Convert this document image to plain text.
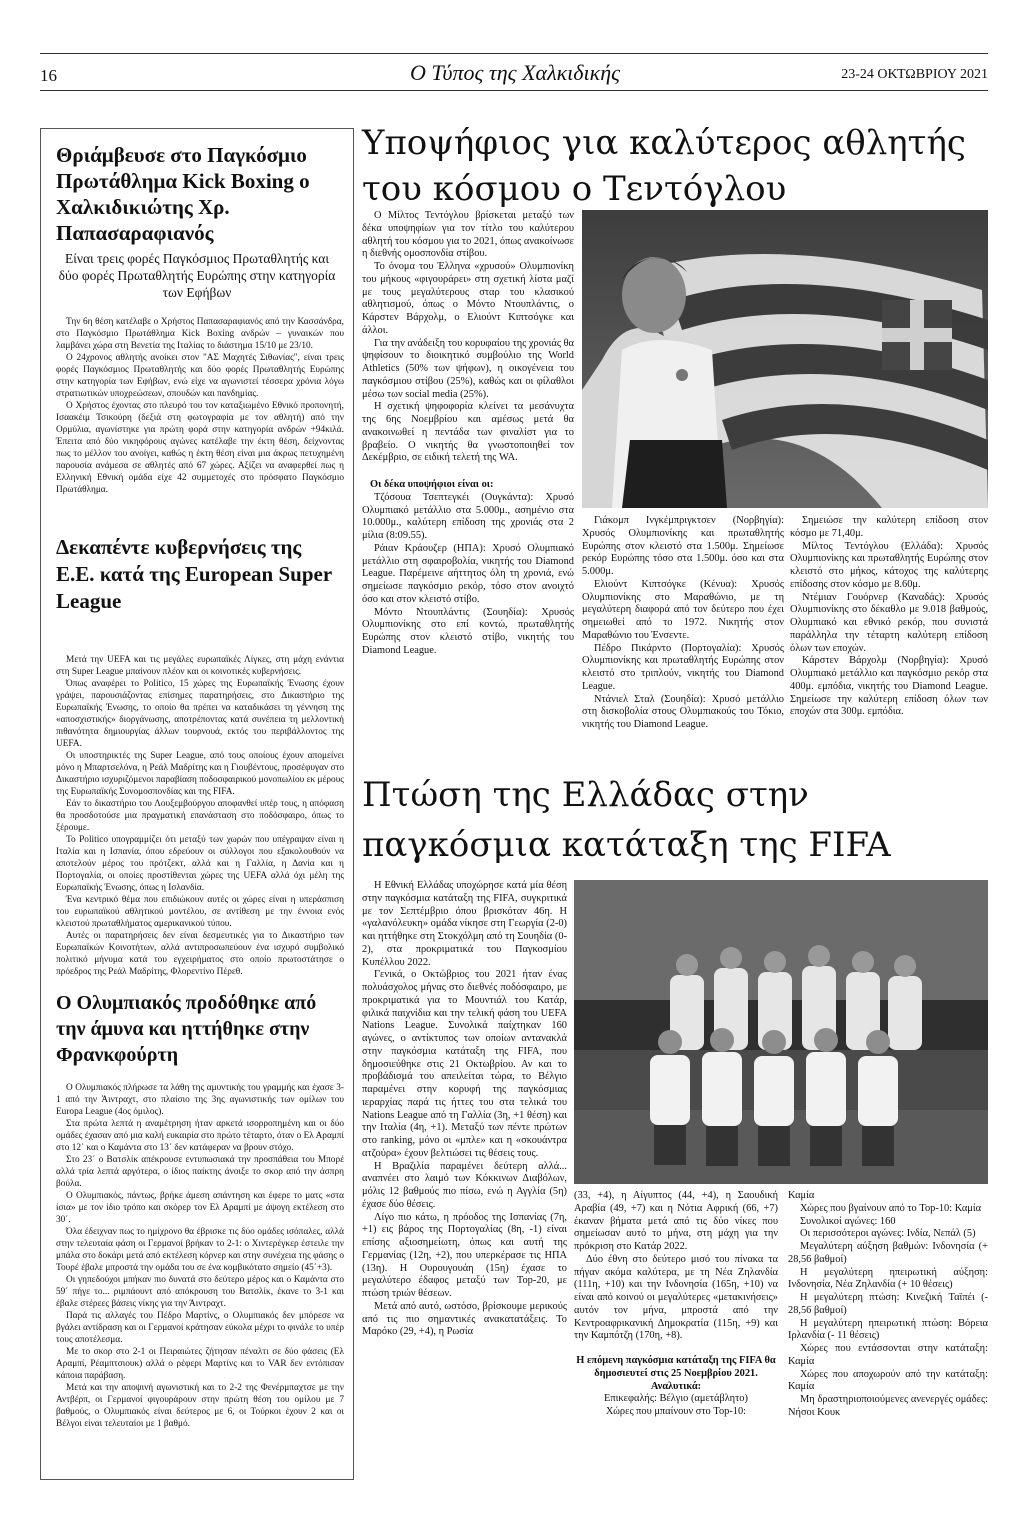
16	Ο Τύπος της Χαλκιδικής	23-24 ΟΚΤΩΒΡΙΟΥ 2021
Θριάμβευσε στο Παγκόσμιο Πρωτάθλημα Kick Boxing ο Χαλκιδικιώτης Χρ. Παπασαραφιανός
Είναι τρεις φορές Παγκόσμιος Πρωταθλητής και δύο φορές Πρωταθλητής Ευρώπης στην κατηγορία των Εφήβων

Την 6η θέση κατέλαβε ο Χρήστος Παπασαραφιανός από την Κασσάνδρα, στο Παγκόσμιο Πρωτάθλημα Kick Boxing ανδρών – γυναικών που λαμβάνει χώρα στη Βενετία της Ιταλίας το διάστημα 15/10 με 23/10.

Ο 24χρονος αθλητής ανοίκει στον "ΑΣ Μαχητές Σιθωνίας", είναι τρεις φορές Παγκόσμιος Πρωταθλητής και δύο φορές Πρωταθλητής Ευρώπης στην κατηγορία των Εφήβων, ενώ είχε να αγωνιστεί τέσσερα χρόνια λόγω στρατιωτικών υποχρεώσεων, σπουδών και πανδημίας.

Ο Χρήστος έχοντας στο πλευρό του τον καταξιωμένο Εθνικό προπονητή, Ισαακέιμ Τσικούρη (δεξιά στη φωτογραφία με τον αθλητή) από την Ορμύλια, αγωνίστηκε για πρώτη φορά στην κατηγορία ανδρών +94κιλά. Έπειτα από δύο νικηφόρους αγώνες κατέλαβε την έκτη θέση, δείχνοντας πως το μέλλον του ανοίγει, καθώς η έκτη θέση είναι μια άκρως πετυχημένη παρουσία ανάμεσα σε αθλητές από 67 χώρες. Αξίζει να αναφερθεί πως η Ελληνική Εθνική ομάδα είχε 42 συμμετοχές στο πρόσφατο Παγκόσμιο Πρωτάθλημα.

Δεκαπέντε κυβερνήσεις της Ε.Ε. κατά της European Super League

Μετά την UEFA και τις μεγάλες ευρωπαϊκές Λίγκες, στη μάχη ενάντια στη Super League μπαίνουν πλέον και οι κοινοτικές κυβερνήσεις.

Όπως αναφέρει το Politico, 15 χώρες της Ευρωπαϊκής Ένωσης έχουν γράψει, παρουσιάζοντας επίσημες παρατηρήσεις, στο Δικαστήριο της Ευρωπαϊκής Ένωσης, το οποίο θα πρέπει να καταδικάσει τη γέννηση της «αποσχιστικής» διοργάνωσης, αποτρέποντας κατά συνέπεια τη μελλοντική πιθανότητα δημιουργίας άλλων τουρνουά, εκτός του περιβάλλοντος της UEFA.

Οι υποστηρικτές της Super League, από τους οποίους έχουν απομείνει μόνο η Μπαρτσελόνα, η Ρεάλ Μαδρίτης και η Γιουβέντους, προσέφυγαν στο Δικαστήριο ισχυριζόμενοι παραβίαση ποδοσφαιρικού μονοπωλίου εκ μέρους της Ευρωπαϊκής Συνομοσπονδίας και της FIFA.

Εάν το δικαστήριο του Λουξεμβούργου αποφανθεί υπέρ τους, η απόφαση θα προσδοτούσε μια πραγματική επανάσταση στο ποδόσφαιρο, όπως το ξέρουμε.

Το Politico υπογραμμίζει ότι μεταξύ των χωρών που υπέγραψαν είναι η Ιταλία και η Ισπανία, όπου εδρεύουν οι σύλλογοι που εξακολουθούν να αποτελούν μέρος του πρότζεκτ, αλλά και η Γαλλία, η Δανία και η Πορτογαλία, οι οποίες προστίθενται χώρες της UEFA αλλά όχι μέλη της Ευρωπαϊκής Ένωσης, όπως η Ισλανδία.

Ένα κεντρικό θέμα που επιδιώκουν αυτές οι χώρες είναι η υπεράσπιση του ευρωπαϊκού αθλητικού μοντέλου, σε αντίθεση με την έννοια ενός κλειστού πρωταθλήματος αμερικανικού τύπου.

Αυτές οι παρατηρήσεις δεν είναι δεσμευτικές για το Δικαστήριο των Ευρωπαϊκών Κοινοτήτων, αλλά αντιπροσωπεύουν ένα ισχυρό συμβολικό πολιτικό μήνυμα κατά του εγχειρήματος στο οποίο πρωτοστάτησε ο πρόεδρος της Ρεάλ Μαδρίτης, Φλορεντίνο Πέρεθ.

Ο Ολυμπιακός προδόθηκε από την άμυνα και ηττήθηκε στην Φρανκφούρτη

Ο Ολυμπιακός πλήρωσε τα λάθη της αμυντικής του γραμμής και έχασε 3-1 από την Άιντραχτ, στο πλαίσιο της 3ης αγωνιστικής των ομίλων του Europa League (4ος όμιλος).

Στα πρώτα λεπτά η αναμέτρηση ήταν αρκετά ισορροπημένη και οι δύο ομάδες έχασαν από μια καλή ευκαιρία στο πρώτο τέταρτο, όταν ο Ελ Αραμπί στο 12΄ και ο Καμάντα στο 13΄ δεν κατάφεραν να βρουν στόχο.

Στο 23΄ ο Βατσλίκ απέκρουσε εντυπωσιακά την προσπάθεια του Μπορέ αλλά τρία λεπτά αργότερα, ο ίδιος παίκτης άνοιξε το σκορ από την άσπρη βούλα.

Ο Ολυμπιακός, πάντως, βρήκε άμεση απάντηση και έφερε το ματς «στα ίσια» με τον ίδιο τρόπο και σκόρερ τον Ελ Αραμπί με άψογη εκτέλεση στο 30΄.

Όλα έδειχναν πως το ημίχρονο θα έβρισκε τις δύο ομάδες ισόπαλες, αλλά στην τελευταία φάση οι Γερμανοί βρήκαν το 2-1: ο Χιντερέγκερ έστειλε την μπάλα στο δοκάρι μετά από εκτέλεση κόρνερ και στην συνέχεια της φάσης ο Τουρέ έβαλε μπροστά την ομάδα του σε ένα κομβικότατο σημείο (45΄+3).

Οι γηπεδούχοι μπήκαν πιο δυνατά στο δεύτερο μέρος και ο Καμάντα στο 59΄ πήγε το... ριμπάουντ από απόκρουση του Βατσλίκ, έκανε το 3-1 και έβαλε στέρεες βάσεις νίκης για την Άιντραχτ.

Παρά τις αλλαγές του Πέδρο Μαρτίνς, ο Ολυμπιακός δεν μπόρεσε να βγάλει αντίδραση και οι Γερμανοί κράτησαν εύκολα μέχρι το φινάλε το υπέρ τους αποτέλεσμα.

Με το σκορ στο 2-1 οι Πειραιώτες ζήτησαν πέναλτι σε δύο φάσεις (Ελ Αραμπί, Ρέαμπτσιουκ) αλλά ο ρέφερι Μαρτίνς και το VAR δεν εντόπισαν κάποια παράβαση.

Μετά και την αποψινή αγωνιστική και το 2-2 της Φενέρμπαχτσε με την Αντβέρπ, οι Γερμανοί φιγουράρουν στην πρώτη θέση του ομίλου με 7 βαθμούς, ο Ολυμπιακός είναι δεύτερος με 6, οι Τούρκοι έχουν 2 και οι Βέλγοι είναι τελευταίοι με 1 βαθμό.

Υποψήφιος για καλύτερος αθλητής του κόσμου ο Τεντόγλου

Ο Μίλτος Τεντόγλου βρίσκεται μεταξύ των δέκα υποψηφίων για τον τίτλο του καλύτερου αθλητή του κόσμου για το 2021, όπως ανακοίνωσε η διεθνής ομοσπονδία στίβου.

Το όνομα του Έλληνα «χρυσού» Ολυμπιονίκη του μήκους «φιγουράρει» στη σχετική λίστα μαζί με τους μεγαλύτερους σταρ του κλασικού αθλητισμού, όπως ο Μόντο Ντουπλάντις, ο Κάρστεν Βάρχολμ, ο Ελιούντ Κιπτσόγκε και άλλοι.

Για την ανάδειξη του κορυφαίου της χρονιάς θα ψηφίσουν το διοικητικό συμβούλιο της World Athletics (50% των ψήφων), η οικογένεια του παγκόσμιου στίβου (25%), καθώς και οι φίλαθλοι μέσω των social media (25%).

Η σχετική ψηφοφορία κλείνει τα μεσάνυχτα της 6ης Νοεμβρίου και αμέσως μετά θα ανακοινωθεί η πεντάδα των φιναλίστ για το βραβείο. Ο νικητής θα γνωστοποιηθεί τον Δεκέμβριο, σε ειδική τελετή της WA.

Οι δέκα υποψήφιοι είναι οι:

Τζόσουα Τσεπτεγκέι (Ουγκάντα): Χρυσό Ολυμπιακό μετάλλιο στα 5.000μ., ασημένιο στα 10.000μ., καλύτερη επίδοση της χρονιάς στα 2 μίλια (8:09.55).

Ράιαν Κράουζερ (ΗΠΑ): Χρυσό Ολυμπιακό μετάλλιο στη σφαιροβολία, νικητής του Diamond League. Παρέμεινε αήττητος όλη τη χρονιά, ενώ σημείωσε παγκόσμιο ρεκόρ, τόσο στον ανοιχτό όσο και στον κλειστό στίβο.

Μόντο Ντουπλάντις (Σουηδία): Χρυσός Ολυμπιονίκης στο επί κοντώ, πρωταθλητής Ευρώπης στον κλειστό στίβο, νικητής του Diamond League.

Γιάκομπ Ινγκέμπριγκτσεν (Νορβηγία): Χρυσός Ολυμπιονίκης και πρωταθλητής Ευρώπης στον κλειστό στα 1.500μ. Σημείωσε ρεκόρ Ευρώπης τόσο στα 1.500μ. όσο και στα 5.000μ.

Ελιούντ Κιπτσόγκε (Κένυα): Χρυσός Ολυμπιονίκης στο Μαραθώνιο, με τη μεγαλύτερη διαφορά από τον δεύτερο που έχει σημειωθεί από το 1972. Νικητής στον Μαραθώνιο του Ένσεντε.

Πέδρο Πικάρντο (Πορτογαλία): Χρυσός Ολυμπιονίκης και πρωταθλητής Ευρώπης στον κλειστό στο τριπλούν, νικητής του Diamond League.

Ντάνιελ Σταλ (Σουηδία): Χρυσό μετάλλιο στη δισκοβολία στους Ολυμπιακούς του Τόκιο, νικητής του Diamond League.

Σημειώσε την καλύτερη επίδοση στον κόσμο με 71,40μ.

Μίλτος Τεντόγλου (Ελλάδα): Χρυσός Ολυμπιονίκης και πρωταθλητής Ευρώπης στον κλειστό στο μήκος, κάτοχος της καλύτερης επίδοσης στον κόσμο με 8.60μ.

Ντέμιαν Γουόρνερ (Καναδάς): Χρυσός Ολυμπιονίκης στο δέκαθλο με 9.018 βαθμούς, Ολυμπιακό και εθνικό ρεκόρ, που συνιστά παράλληλα την τέταρτη καλύτερη επίδοση όλων των εποχών.

Κάρστεν Βάρχολμ (Νορβηγία): Χρυσό Ολυμπιακό μετάλλιο και παγκόσμιο ρεκόρ στα 400μ. εμπόδια, νικητής του Diamond League. Σημείωσε την καλύτερη επίδοση όλων των εποχών στα 300μ. εμπόδια.

Πτώση της Ελλάδας στην παγκόσμια κατάταξη της FIFA

Η Εθνική Ελλάδας υποχώρησε κατά μία θέση στην παγκόσμια κατάταξη της FIFA, συγκριτικά με τον Σεπτέμβριο όπου βρισκόταν 46η. Η «γαλανόλευκη» ομάδα νίκησε στη Γεωργία (2-0) και ηττήθηκε στη Στοκχόλμη από τη Σουηδία (0-2), στα προκριματικά του Παγκοσμίου Κυπέλλου 2022.

Γενικά, ο Οκτώβριος του 2021 ήταν ένας πολυάσχολος μήνας στο διεθνές ποδόσφαιρο, με προκριματικά για το Μουντιάλ του Κατάρ, φιλικά παιχνίδια και την τελική φάση του UEFA Nations League. Συνολικά παίχτηκαν 160 αγώνες, ο αντίκτυπος των οποίων αντανακλά στην παγκόσμια κατάταξη της FIFA, που δημοσιεύθηκε στις 21 Οκτωβρίου. Αν και το προβάδισμά του απειλείται τώρα, το Βέλγιο παραμένει στην κορυφή της παγκόσμιας ιεραρχίας παρά τις ήττες του στα τελικά του Nations League από τη Γαλλία (3η, +1 θέση) και την Ιταλία (4η, +1). Μεταξύ των πέντε πρώτων στο ranking, μόνο οι «μπλε» και η «σκουάντρα ατζούρα» έχουν βελτιώσει τις θέσεις τους.

Η Βραζιλία παραμένει δεύτερη αλλά... αναπνέει στο λαιμό των Κόκκινων Διαβόλων, μόλις 12 βαθμούς πιο πίσω, ενώ η Αγγλία (5η) έχασε δύο θέσεις.

Λίγο πιο κάτω, η πρόοδος της Ισπανίας (7η, +1) εις βάρος της Πορτογαλίας (8η, -1) είναι επίσης αξιοσημείωτη, όπως και αυτή της Γερμανίας (12η, +2), που υπερκέρασε τις ΗΠΑ (13η). Η Ουρουγουάη (15η) έχασε το μεγαλύτερο έδαφος μεταξύ των Top-20, με πτώση τριών θέσεων.

Μετά από αυτό, ωστόσο, βρίσκουμε μερικούς από τις πιο σημαντικές ανακατατάξεις. Το Μαρόκο (29, +4), η Ρωσία

(33, +4), η Αίγυπτος (44, +4), η Σαουδική Αραβία (49, +7) και η Νότια Αφρική (66, +7) έκαναν βήματα μετά από τις δύο νίκες που σημείωσαν αυτό το μήνα, στη μάχη για την πρόκριση στο Κατάρ 2022.

Δύο έθνη στο δεύτερο μισό του πίνακα τα πήγαν ακόμα καλύτερα, με τη Νέα Ζηλανδία (111η, +10) και την Ινδονησία (165η, +10) να είναι από κοινού οι μεγαλύτερες «μετακινήσεις» αυτόν τον μήνα, μπροστά από την Κεντροαφρικανική Δημοκρατία (115η, +9) και την Καμπότζη (170η, +8).

Η επόμενη παγκόσμια κατάταξη της FIFA θα δημοσιευτεί στις 25 Νοεμβρίου 2021. Αναλυτικά:

Επικεφαλής: Βέλγιο (αμετάβλητο)

Χώρες που μπαίνουν στο Top-10:

Καμία

Χώρες που βγαίνουν από το Top-10: Καμία

Συνολικοί αγώνες: 160

Οι περισσότεροι αγώνες: Ινδία, Νεπάλ (5)

Μεγαλύτερη αύξηση βαθμών: Ινδονησία (+ 28,56 βαθμοί)

Η μεγαλύτερη ηπειρωτική αύξηση: Ινδονησία, Νέα Ζηλανδία (+ 10 θέσεις)

Η μεγαλύτερη πτώση: Κινεζική Ταϊπέι (- 28,56 βαθμοί)

Η μεγαλύτερη ηπειρωτική πτώση: Βόρεια Ιρλανδία (- 11 θέσεις)

Χώρες που εντάσσονται στην κατάταξη: Καμία

Χώρες που αποχωρούν από την κατάταξη: Καμία

Μη δραστηριοποιούμενες ανενεργές ομάδες: Νήσοι Κουκ
